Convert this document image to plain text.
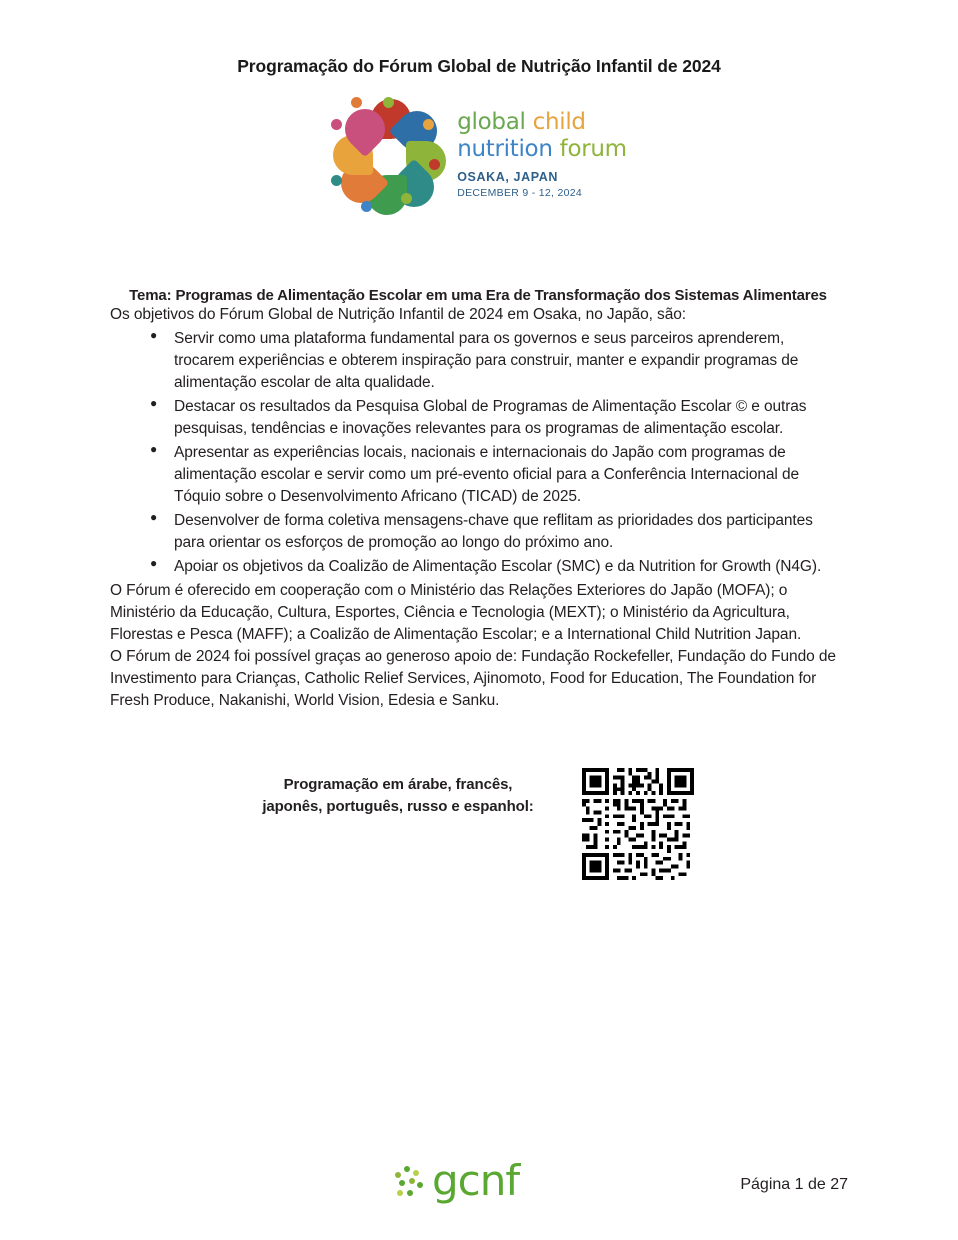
Programação do Fórum Global de Nutrição Infantil de 2024
global child
nutrition forum
OSAKA, JAPAN
DECEMBER 9 - 12, 2024
Tema: Programas de Alimentação Escolar em uma Era de Transformação dos Sistemas Alimentares

Os objetivos do Fórum Global de Nutrição Infantil de 2024 em Osaka, no Japão, são:

● Servir como uma plataforma fundamental para os governos e seus parceiros aprenderem, trocarem experiências e obterem inspiração para construir, manter e expandir programas de alimentação escolar de alta qualidade.
● Destacar os resultados da Pesquisa Global de Programas de Alimentação Escolar © e outras pesquisas, tendências e inovações relevantes para os programas de alimentação escolar.
● Apresentar as experiências locais, nacionais e internacionais do Japão com programas de alimentação escolar e servir como um pré-evento oficial para a Conferência Internacional de Tóquio sobre o Desenvolvimento Africano (TICAD) de 2025.
● Desenvolver de forma coletiva mensagens-chave que reflitam as prioridades dos participantes para orientar os esforços de promoção ao longo do próximo ano.
● Apoiar os objetivos da Coalizão de Alimentação Escolar (SMC) e da Nutrition for Growth (N4G).

O Fórum é oferecido em cooperação com o Ministério das Relações Exteriores do Japão (MOFA); o Ministério da Educação, Cultura, Esportes, Ciência e Tecnologia (MEXT); o Ministério da Agricultura, Florestas e Pesca (MAFF); a Coalizão de Alimentação Escolar; e a International Child Nutrition Japan.

O Fórum de 2024 foi possível graças ao generoso apoio de: Fundação Rockefeller, Fundação do Fundo de Investimento para Crianças, Catholic Relief Services, Ajinomoto, Food for Education, The Foundation for Fresh Produce, Nakanishi, World Vision, Edesia e Sanku.

Programação em árabe, francês,
japonês, português, russo e espanhol:
gcnf	Página 1 de 27
